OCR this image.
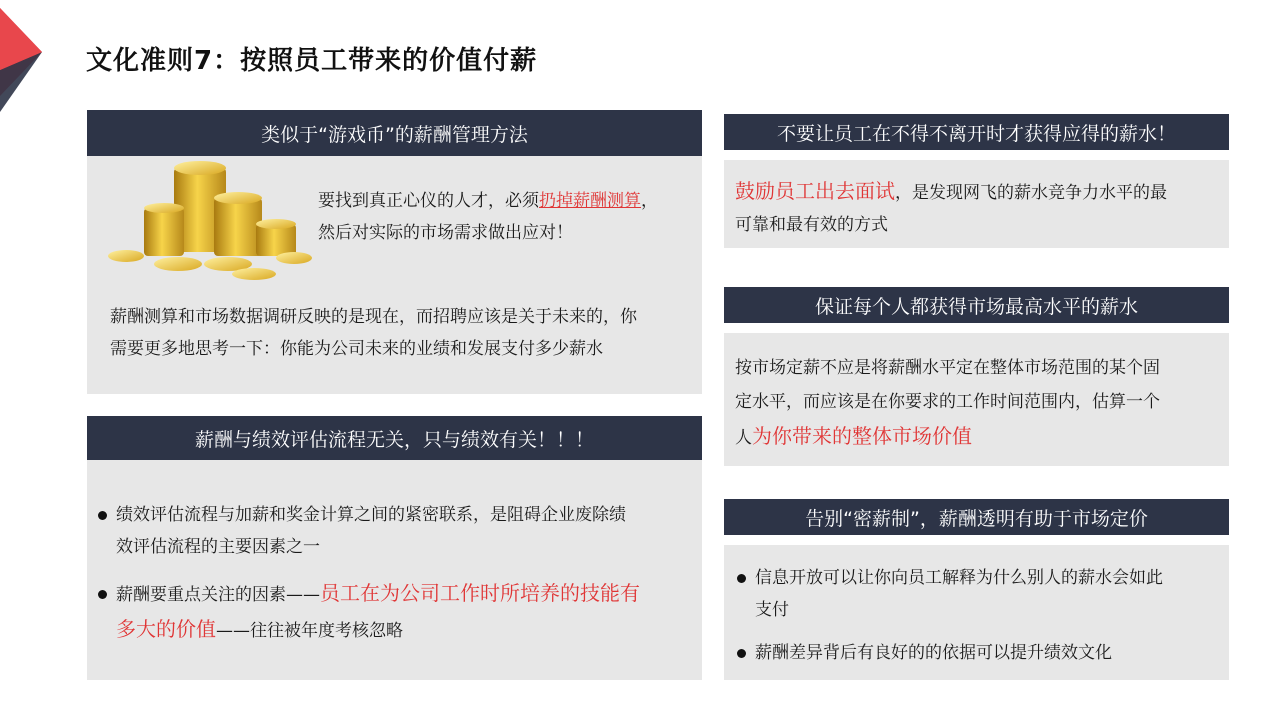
文化准则7：按照员工带来的价值付薪
类似于“游戏币”的薪酬管理方法
要找到真正心仪的人才，必须扔掉薪酬测算，
然后对实际的市场需求做出应对！
薪酬测算和市场数据调研反映的是现在，而招聘应该是关于未来的，你
需要更多地思考一下：你能为公司未来的业绩和发展支付多少薪水
薪酬与绩效评估流程无关，只与绩效有关！！！
绩效评估流程与加薪和奖金计算之间的紧密联系，是阻碍企业废除绩
效评估流程的主要因素之一
薪酬要重点关注的因素——员工在为公司工作时所培养的技能有
多大的价值——往往被年度考核忽略
不要让员工在不得不离开时才获得应得的薪水！
鼓励员工出去面试，是发现网飞的薪水竞争力水平的最
可靠和最有效的方式
保证每个人都获得市场最高水平的薪水
按市场定薪不应是将薪酬水平定在整体市场范围的某个固
定水平，而应该是在你要求的工作时间范围内，估算一个
人为你带来的整体市场价值
告别“密薪制”，薪酬透明有助于市场定价
信息开放可以让你向员工解释为什么别人的薪水会如此
支付
薪酬差异背后有良好的的依据可以提升绩效文化
